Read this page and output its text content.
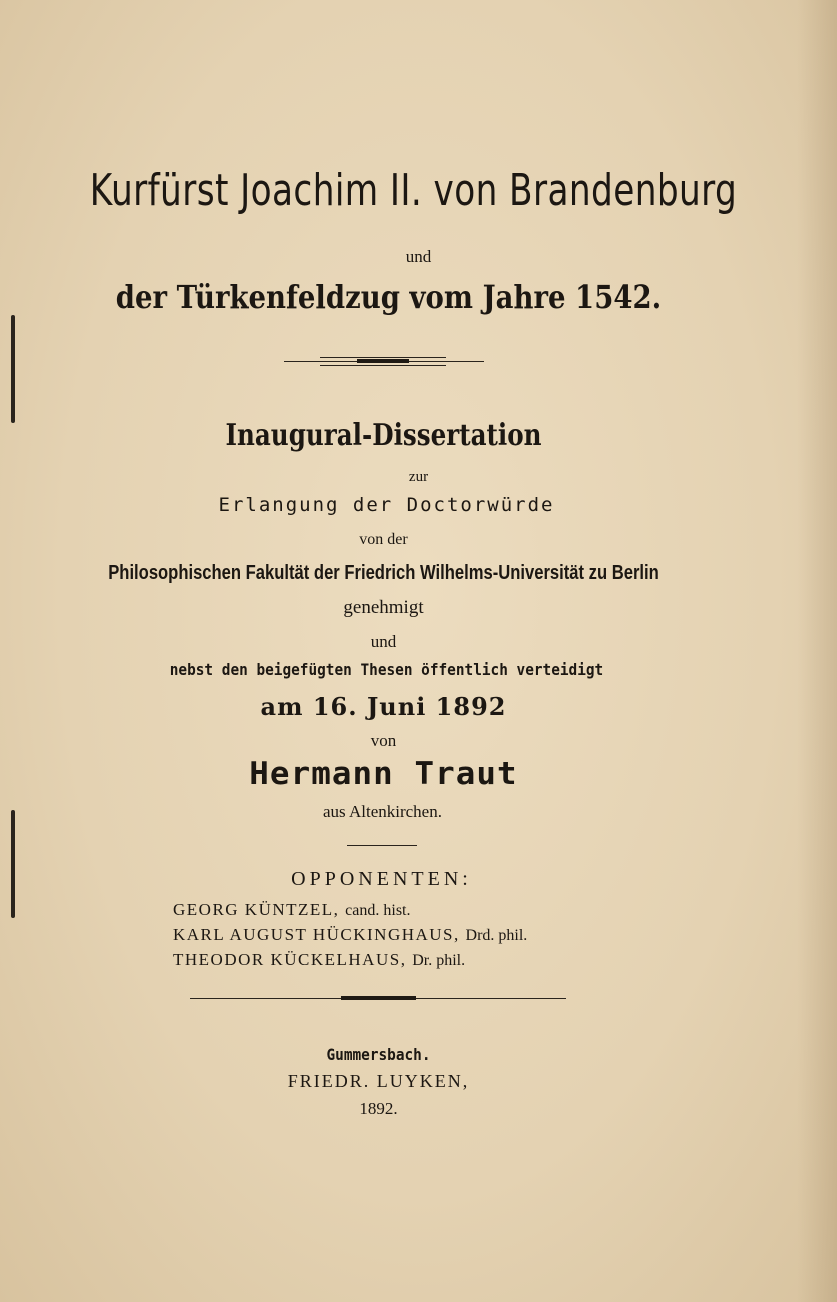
Kurfürst Joachim II. von Brandenburg
und
der Türkenfeldzug vom Jahre 1542.
Inaugural-Dissertation
zur
Erlangung der Doctorwürde
von der
Philosophischen Fakultät der Friedrich Wilhelms-Universität zu Berlin
genehmigt
und
nebst den beigefügten Thesen öffentlich verteidigt
am 16. Juni 1892
von
Hermann Traut
aus Altenkirchen.
OPPONENTEN:
GEORG KÜNTZEL, cand. hist.
KARL AUGUST HÜCKINGHAUS, Drd. phil.
THEODOR KÜCKELHAUS, Dr. phil.
Gummersbach.
FRIEDR. LUYKEN,
1892.
